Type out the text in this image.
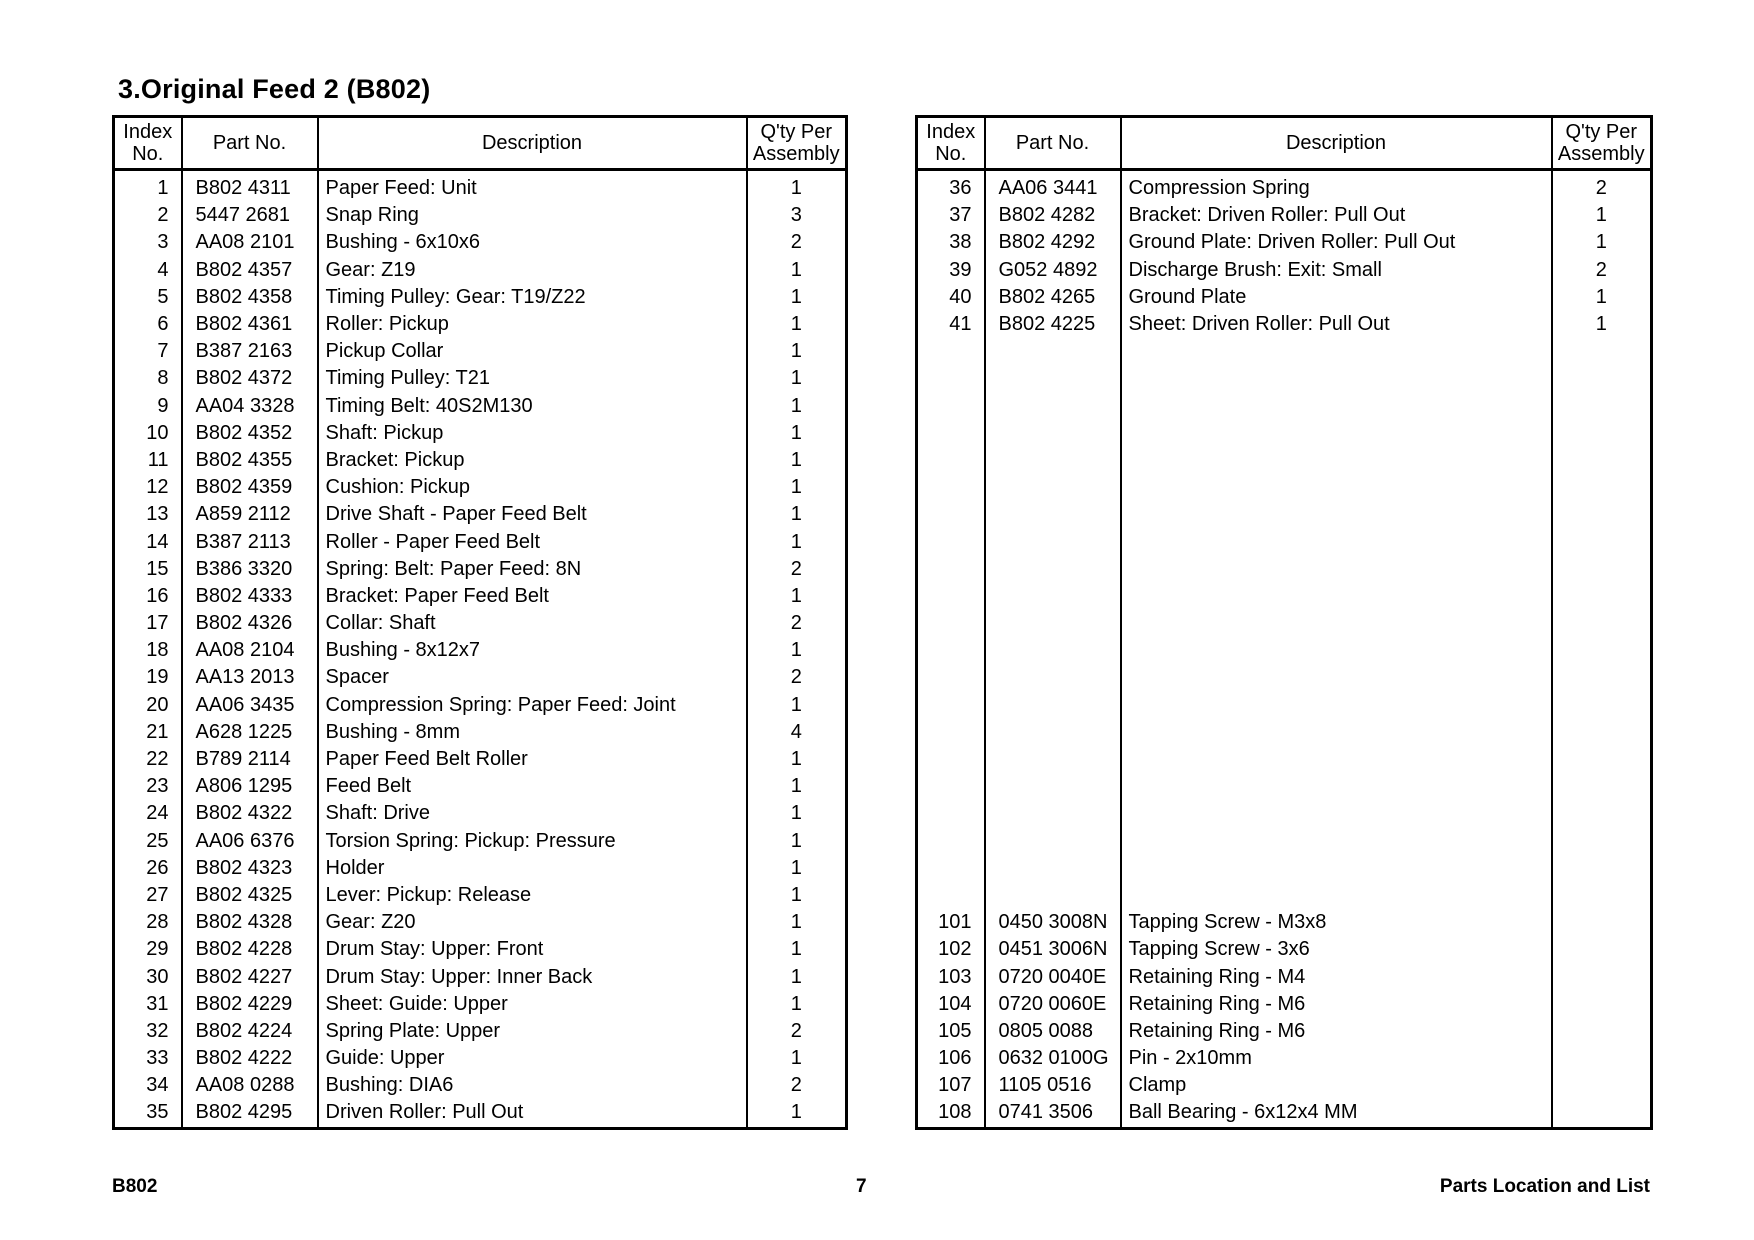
3.Original Feed 2 (B802)
Index
No.	Part No.	Description	Q'ty Per
Assembly
1	B802 4311	Paper Feed: Unit	1
2	5447 2681	Snap Ring	3
3	AA08 2101	Bushing - 6x10x6	2
4	B802 4357	Gear: Z19	1
5	B802 4358	Timing Pulley: Gear: T19/Z22	1
6	B802 4361	Roller: Pickup	1
7	B387 2163	Pickup Collar	1
8	B802 4372	Timing Pulley: T21	1
9	AA04 3328	Timing Belt: 40S2M130	1
10	B802 4352	Shaft: Pickup	1
11	B802 4355	Bracket: Pickup	1
12	B802 4359	Cushion: Pickup	1
13	A859 2112	Drive Shaft - Paper Feed Belt	1
14	B387 2113	Roller - Paper Feed Belt	1
15	B386 3320	Spring: Belt: Paper Feed: 8N	2
16	B802 4333	Bracket: Paper Feed Belt	1
17	B802 4326	Collar: Shaft	2
18	AA08 2104	Bushing - 8x12x7	1
19	AA13 2013	Spacer	2
20	AA06 3435	Compression Spring: Paper Feed: Joint	1
21	A628 1225	Bushing - 8mm	4
22	B789 2114	Paper Feed Belt Roller	1
23	A806 1295	Feed Belt	1
24	B802 4322	Shaft: Drive	1
25	AA06 6376	Torsion Spring: Pickup: Pressure	1
26	B802 4323	Holder	1
27	B802 4325	Lever: Pickup: Release	1
28	B802 4328	Gear: Z20	1
29	B802 4228	Drum Stay: Upper: Front	1
30	B802 4227	Drum Stay: Upper: Inner Back	1
31	B802 4229	Sheet: Guide: Upper	1
32	B802 4224	Spring Plate: Upper	2
33	B802 4222	Guide: Upper	1
34	AA08 0288	Bushing: DIA6	2
35	B802 4295	Driven Roller: Pull Out	1
Index
No.	Part No.	Description	Q'ty Per
Assembly
36	AA06 3441	Compression Spring	2
37	B802 4282	Bracket: Driven Roller: Pull Out	1
38	B802 4292	Ground Plate: Driven Roller: Pull Out	1
39	G052 4892	Discharge Brush: Exit: Small	2
40	B802 4265	Ground Plate	1
41	B802 4225	Sheet: Driven Roller: Pull Out	1

101	0450 3008N	Tapping Screw - M3x8	
102	0451 3006N	Tapping Screw - 3x6	
103	0720 0040E	Retaining Ring - M4	
104	0720 0060E	Retaining Ring - M6	
105	0805 0088	Retaining Ring - M6	
106	0632 0100G	Pin - 2x10mm	
107	1105 0516	Clamp	
108	0741 3506	Ball Bearing - 6x12x4 MM	
B802	7	Parts Location and List
